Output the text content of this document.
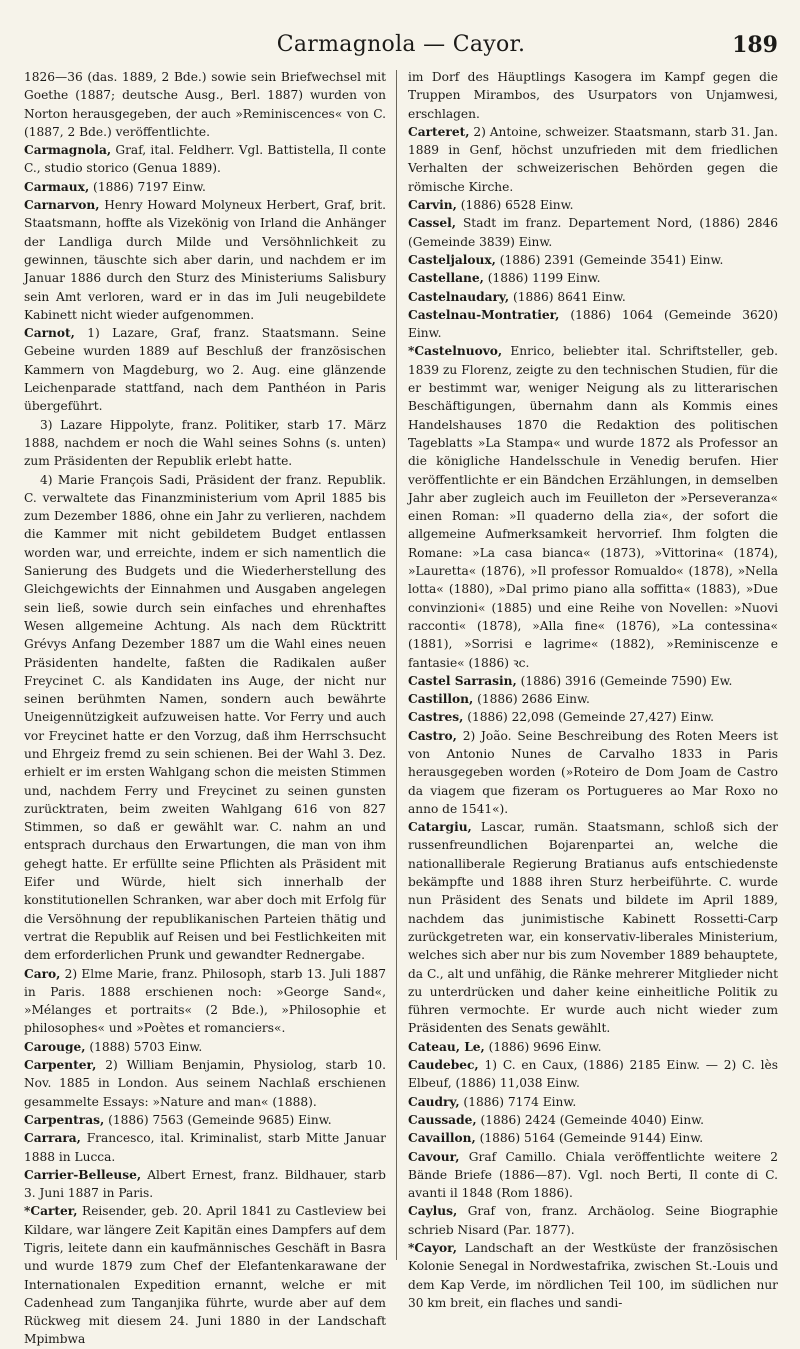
Carmagnola — Cayor.	189

1826—36 (das. 1889, 2 Bde.) sowie sein Briefwechsel mit Goethe (1887; deutsche Ausg., Berl. 1887) wurden von Norton herausgegeben, der auch »Reminiscences« von C. (1887, 2 Bde.) veröffentlichte.

Carmagnola, Graf, ital. Feldherr. Vgl. Battistella, Il conte C., studio storico (Genua 1889).

Carmaux, (1886) 7197 Einw.

Carnarvon, Henry Howard Molyneux Herbert, Graf, brit. Staatsmann, hoffte als Vizekönig von Irland die Anhänger der Landliga durch Milde und Versöhnlichkeit zu gewinnen, täuschte sich aber darin, und nachdem er im Januar 1886 durch den Sturz des Ministeriums Salisbury sein Amt verloren, ward er in das im Juli neugebildete Kabinett nicht wieder aufgenommen.

Carnot, 1) Lazare, Graf, franz. Staatsmann. Seine Gebeine wurden 1889 auf Beschluß der französischen Kammern von Magdeburg, wo 2. Aug. eine glänzende Leichenparade stattfand, nach dem Panthéon in Paris übergeführt.

3) Lazare Hippolyte, franz. Politiker, starb 17. März 1888, nachdem er noch die Wahl seines Sohns (s. unten) zum Präsidenten der Republik erlebt hatte.

4) Marie François Sadi, Präsident der franz. Republik. C. verwaltete das Finanzministerium vom April 1885 bis zum Dezember 1886, ohne ein Jahr zu verlieren, nachdem die Kammer mit nicht gebildetem Budget entlassen worden war, und erreichte, indem er sich namentlich die Sanierung des Budgets und die Wiederherstellung des Gleichgewichts der Einnahmen und Ausgaben angelegen sein ließ, sowie durch sein einfaches und ehrenhaftes Wesen allgemeine Achtung. Als nach dem Rücktritt Grévys Anfang Dezember 1887 um die Wahl eines neuen Präsidenten handelte, faßten die Radikalen außer Freycinet C. als Kandidaten ins Auge, der nicht nur seinen berühmten Namen, sondern auch bewährte Uneigennützigkeit aufzuweisen hatte. Vor Ferry und auch vor Freycinet hatte er den Vorzug, daß ihm Herrschsucht und Ehrgeiz fremd zu sein schienen. Bei der Wahl 3. Dez. erhielt er im ersten Wahlgang schon die meisten Stimmen und, nachdem Ferry und Freycinet zu seinen gunsten zurücktraten, beim zweiten Wahlgang 616 von 827 Stimmen, so daß er gewählt war. C. nahm an und entsprach durchaus den Erwartungen, die man von ihm gehegt hatte. Er erfüllte seine Pflichten als Präsident mit Eifer und Würde, hielt sich innerhalb der konstitutionellen Schranken, war aber doch mit Erfolg für die Versöhnung der republikanischen Parteien thätig und vertrat die Republik auf Reisen und bei Festlichkeiten mit dem erforderlichen Prunk und gewandter Rednergabe.

Caro, 2) Elme Marie, franz. Philosoph, starb 13. Juli 1887 in Paris. 1888 erschienen noch: »George Sand«, »Mélanges et portraits« (2 Bde.), »Philosophie et philosophes« und »Poètes et romanciers«.

Carouge, (1888) 5703 Einw.

Carpenter, 2) William Benjamin, Physiolog, starb 10. Nov. 1885 in London. Aus seinem Nachlaß erschienen gesammelte Essays: »Nature and man« (1888).

Carpentras, (1886) 7563 (Gemeinde 9685) Einw.

Carrara, Francesco, ital. Kriminalist, starb Mitte Januar 1888 in Lucca.

Carrier-Belleuse, Albert Ernest, franz. Bildhauer, starb 3. Juni 1887 in Paris.

*Carter, Reisender, geb. 20. April 1841 zu Castleview bei Kildare, war längere Zeit Kapitän eines Dampfers auf dem Tigris, leitete dann ein kaufmännisches Geschäft in Basra und wurde 1879 zum Chef der Elefantenkarawane der Internationalen Expedition ernannt, welche er mit Cadenhead zum Tanganjika führte, wurde aber auf dem Rückweg mit diesem 24. Juni 1880 in der Landschaft Mpimbwa

im Dorf des Häuptlings Kasogera im Kampf gegen die Truppen Mirambos, des Usurpators von Unjamwesi, erschlagen.

Carteret, 2) Antoine, schweizer. Staatsmann, starb 31. Jan. 1889 in Genf, höchst unzufrieden mit dem friedlichen Verhalten der schweizerischen Behörden gegen die römische Kirche.

Carvin, (1886) 6528 Einw.

Cassel, Stadt im franz. Departement Nord, (1886) 2846 (Gemeinde 3839) Einw.

Casteljaloux, (1886) 2391 (Gemeinde 3541) Einw.

Castellane, (1886) 1199 Einw.

Castelnaudary, (1886) 8641 Einw.

Castelnau-Montratier, (1886) 1064 (Gemeinde 3620) Einw.

*Castelnuovo, Enrico, beliebter ital. Schriftsteller, geb. 1839 zu Florenz, zeigte zu den technischen Studien, für die er bestimmt war, weniger Neigung als zu litterarischen Beschäftigungen, übernahm dann als Kommis eines Handelshauses 1870 die Redaktion des politischen Tageblatts »La Stampa« und wurde 1872 als Professor an die königliche Handelsschule in Venedig berufen. Hier veröffentlichte er ein Bändchen Erzählungen, in demselben Jahr aber zugleich auch im Feuilleton der »Perseveranza« einen Roman: »Il quaderno della zia«, der sofort die allgemeine Aufmerksamkeit hervorrief. Ihm folgten die Romane: »La casa bianca« (1873), »Vittorina« (1874), »Lauretta« (1876), »Il professor Romualdo« (1878), »Nella lotta« (1880), »Dal primo piano alla soffitta« (1883), »Due convinzioni« (1885) und eine Reihe von Novellen: »Nuovi racconti« (1878), »Alla fine« (1876), »La contessina« (1881), »Sorrisi e lagrime« (1882), »Reminiscenze e fantasie« (1886) ꝛc.

Castel Sarrasin, (1886) 3916 (Gemeinde 7590) Ew.

Castillon, (1886) 2686 Einw.

Castres, (1886) 22,098 (Gemeinde 27,427) Einw.

Castro, 2) João. Seine Beschreibung des Roten Meers ist von Antonio Nunes de Carvalho 1833 in Paris herausgegeben worden (»Roteiro de Dom Joam de Castro da viagem que fizeram os Portugueres ao Mar Roxo no anno de 1541«).

Catargiu, Lascar, rumän. Staatsmann, schloß sich der russenfreundlichen Bojarenpartei an, welche die nationalliberale Regierung Bratianus aufs entschiedenste bekämpfte und 1888 ihren Sturz herbeiführte. C. wurde nun Präsident des Senats und bildete im April 1889, nachdem das junimistische Kabinett Rossetti-Carp zurückgetreten war, ein konservativ-liberales Ministerium, welches sich aber nur bis zum November 1889 behauptete, da C., alt und unfähig, die Ränke mehrerer Mitglieder nicht zu unterdrücken und daher keine einheitliche Politik zu führen vermochte. Er wurde auch nicht wieder zum Präsidenten des Senats gewählt.

Cateau, Le, (1886) 9696 Einw.

Caudebec, 1) C. en Caux, (1886) 2185 Einw. — 2) C. lès Elbeuf, (1886) 11,038 Einw.

Caudry, (1886) 7174 Einw.

Caussade, (1886) 2424 (Gemeinde 4040) Einw.

Cavaillon, (1886) 5164 (Gemeinde 9144) Einw.

Cavour, Graf Camillo. Chiala veröffentlichte weitere 2 Bände Briefe (1886—87). Vgl. noch Berti, Il conte di C. avanti il 1848 (Rom 1886).

Caylus, Graf von, franz. Archäolog. Seine Biographie schrieb Nisard (Par. 1877).

*Cayor, Landschaft an der Westküste der französischen Kolonie Senegal in Nordwestafrika, zwischen St.-Louis und dem Kap Verde, im nördlichen Teil 100, im südlichen nur 30 km breit, ein flaches und sandi-
